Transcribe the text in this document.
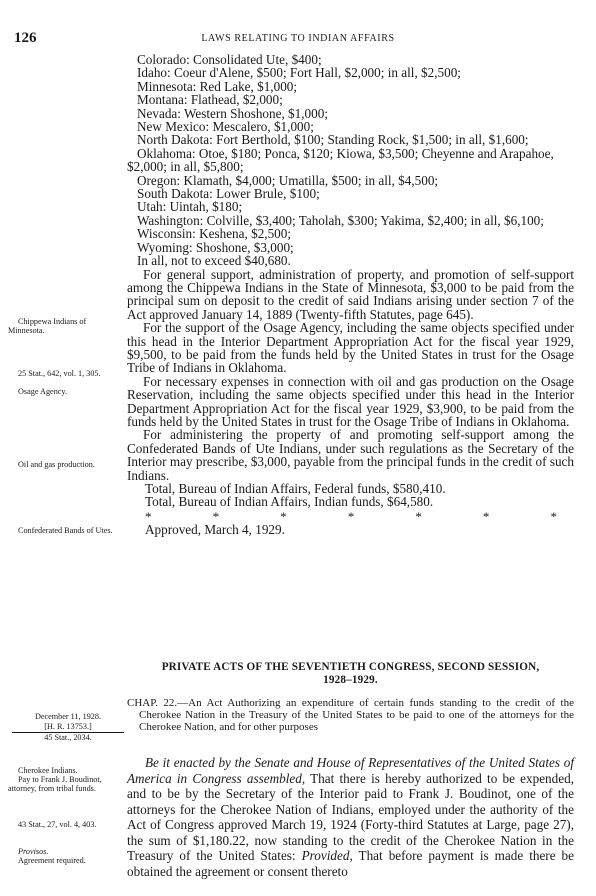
126	LAWS RELATING TO INDIAN AFFAIRS

Colorado: Consolidated Ute, $400;

Idaho: Coeur d'Alene, $500; Fort Hall, $2,000; in all, $2,500;

Minnesota: Red Lake, $1,000;

Montana: Flathead, $2,000;

Nevada: Western Shoshone, $1,000;

New Mexico: Mescalero, $1,000;

North Dakota: Fort Berthold, $100; Standing Rock, $1,500; in all, $1,600;

Oklahoma: Otoe, $180; Ponca, $120; Kiowa, $3,500; Cheyenne and Arapahoe, $2,000; in all, $5,800;

Oregon: Klamath, $4,000; Umatilla, $500; in all, $4,500;

South Dakota: Lower Brule, $100;

Utah: Uintah, $180;

Washington: Colville, $3,400; Taholah, $300; Yakima, $2,400; in all, $6,100;

Wisconsin: Keshena, $2,500;

Wyoming: Shoshone, $3,000;

In all, not to exceed $40,680.

For general support, administration of property, and promotion of self-support among the Chippewa Indians in the State of Minnesota, $3,000 to be paid from the principal sum on deposit to the credit of said Indians arising under section 7 of the Act approved January 14, 1889 (Twenty-fifth Statutes, page 645).

For the support of the Osage Agency, including the same objects specified under this head in the Interior Department Appropriation Act for the fiscal year 1929, $9,500, to be paid from the funds held by the United States in trust for the Osage Tribe of Indians in Oklahoma.

For necessary expenses in connection with oil and gas production on the Osage Reservation, including the same objects specified under this head in the Interior Department Appropriation Act for the fiscal year 1929, $3,900, to be paid from the funds held by the United States in trust for the Osage Tribe of Indians in Oklahoma.

For administering the property of and promoting self-support among the Confederated Bands of Ute Indians, under such regulations as the Secretary of the Interior may prescribe, $3,000, payable from the principal funds in the credit of such Indians.

Total, Bureau of Indian Affairs, Federal funds, $580,410.

Total, Bureau of Indian Affairs, Indian funds, $64,580.

*	*	*	*	*	*	*

Approved, March 4, 1929.

Chippewa Indians of Minnesota.
25 Stat., 642, vol. 1, 305.
Osage Agency.
Oil and gas production.
Confederated Bands of Utes.
PRIVATE ACTS OF THE SEVENTIETH CONGRESS, SECOND SESSION,
1928–1929.
December 11, 1928.
[H. R. 13753.]
45 Stat., 2034.
CHAP. 22.—An Act Authorizing an expenditure of certain funds standing to the credit of the Cherokee Nation in the Treasury of the United States to be paid to one of the attorneys for the Cherokee Nation, and for other purposes
Cherokee Indians.
Pay to Frank J. Boudinot, attorney, from tribal funds.
43 Stat., 27, vol. 4, 403.
Provisos.
Agreement required.

Be it enacted by the Senate and House of Representatives of the United States of America in Congress assembled, That there is hereby authorized to be expended, and to be by the Secretary of the Interior paid to Frank J. Boudinot, one of the attorneys for the Cherokee Nation of Indians, employed under the authority of the Act of Congress approved March 19, 1924 (Forty-third Statutes at Large, page 27), the sum of $1,180.22, now standing to the credit of the Cherokee Nation in the Treasury of the United States: Provided, That before payment is made there be obtained the agreement or consent thereto
